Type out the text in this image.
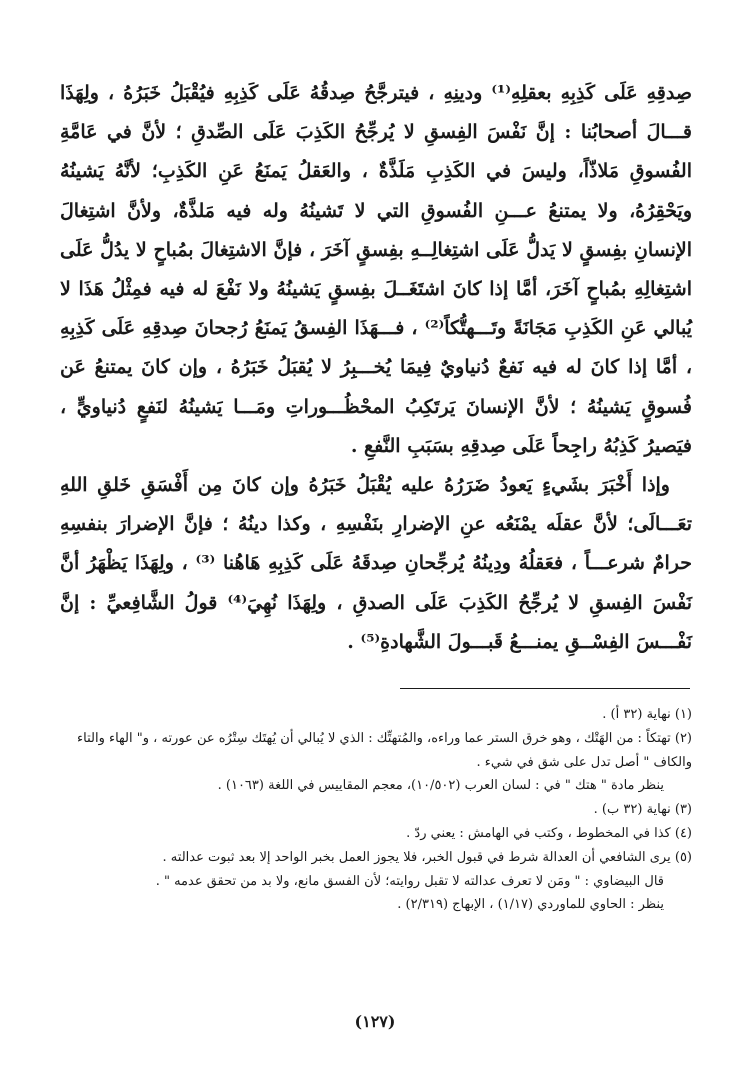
صِدقِهِ عَلَى كَذِبِهِ بعقلِهِ⁽¹⁾ ودينِهِ ، فيترجَّحُ صِدقُهُ عَلَى كَذِبِهِ فيُقْبَلُ خَبَرُهُ ، ولِهَذَا قـــالَ أصحابُنا : إنَّ نَفْسَ الفِسقِ لا يُرجِّحُ الكَذِبَ عَلَى الصِّدقِ ؛ لأنَّ في عَامَّةِ الفُسوقِ مَلاذّاً، وليسَ في الكَذِبِ مَلَذَّةٌ ، والعَقلُ يَمنَعُ عَنِ الكَذِبِ؛ لأنَّهُ يَشينُهُ ويَحْقِرُهُ، ولا يمتنعُ عـــنِ الفُسوقِ التي لا تَشينُهُ وله فيه مَلذَّةٌ، ولأنَّ اشتِغالَ الإنسانِ بفِسقٍ لا يَدلُّ عَلَى اشتِغالِــهِ بفِسقٍ آخَرَ ، فإنَّ الاشتِغالَ بمُباحٍ لا يدُلُّ عَلَى اشتِغالِهِ بمُباحٍ آخَرَ، أمَّا إذا كانَ اشتَغَــلَ بفِسقٍ يَشينُهُ ولا نَفْعَ له فيه فمِثْلُ هَذَا لا يُبالي عَنِ الكَذِبِ مَجَانَةً وتَـــهتُّكاً⁽²⁾ ، فـــهَذَا الفِسقُ يَمنَعُ رُجحانَ صِدقِهِ عَلَى كَذِبِهِ ، أمَّا إذا كانَ له فيه نَفعٌ دُنياويٌ فِيمَا يُخـــبِرُ لا يُقبَلُ خَبَرُهُ ، وإن كانَ يمتنعُ عَن فُسوقٍ يَشينُهُ ؛ لأنَّ الإنسانَ يَرتَكِبُ المحْظُـــوراتِ ومَـــا يَشينُهُ لنَفعٍ دُنياويٍّ ، فيَصيرُ كَذِبُهُ راجِحاً عَلَى صِدقِهِ بسَبَبِ النَّفعِ .

وإذا أَخْبَرَ بشَيءٍ يَعودُ ضَرَرُهُ عليه يُقْبَلُ خَبَرُهُ وإن كانَ مِن أَفْسَقِ خَلقِ اللهِ تعَـــالَى؛ لأنَّ عقلَه يمْنَعُه عنِ الإضرارِ بنَفْسِهِ ، وكذا دينُهُ ؛ فإنَّ الإضرارَ بنفسِهِ حرامٌ شرعـــاً ، فعَقلُهُ ودِينُهُ يُرجِّحانِ صِدقَهُ عَلَى كَذِبِهِ هَاهُنا ⁽³⁾ ، ولِهَذَا يَظْهَرُ أنَّ نَفْسَ الفِسقِ لا يُرجِّحُ الكَذِبَ عَلَى الصدقِ ، ولِهَذَا نُهِيَ⁽⁴⁾ قولُ الشَّافِعيِّ : إنَّ نَفْـــسَ الفِسْــقِ يمنـــعُ قَبـــولَ الشَّهادةِ⁽⁵⁾ .

(١) نهاية (٣٢ أ) .

(٢) تهتكاً : من الهَتْك ، وهو خرق الستر عما وراءه، والمُتهتِّك : الذي لا يُبالي أن يُهتَك سِتْرُه عن عورته ، و" الهاء والتاء والكاف " أصل تدل على شق في شيء .

ينظر مادة " هتك " في : لسان العرب (١٠/٥٠٢)، معجم المقاييس في اللغة (١٠٦٣) .

(٣) نهاية (٣٢ ب) .

(٤) كذا في المخطوط ، وكتب في الهامش : يعني ردّ .

(٥) يرى الشافعي أن العدالة شرط في قبول الخبر، فلا يجوز العمل بخبر الواحد إلا بعد ثبوت عدالته .

قال البيضاوي : " ومَن لا تعرف عدالته لا تقبل روايته؛ لأن الفسق مانع، ولا بد من تحقق عدمه " .

ينظر : الحاوي للماوردي (١/١٧) ، الإبهاج (٢/٣١٩) .

(١٢٧)
